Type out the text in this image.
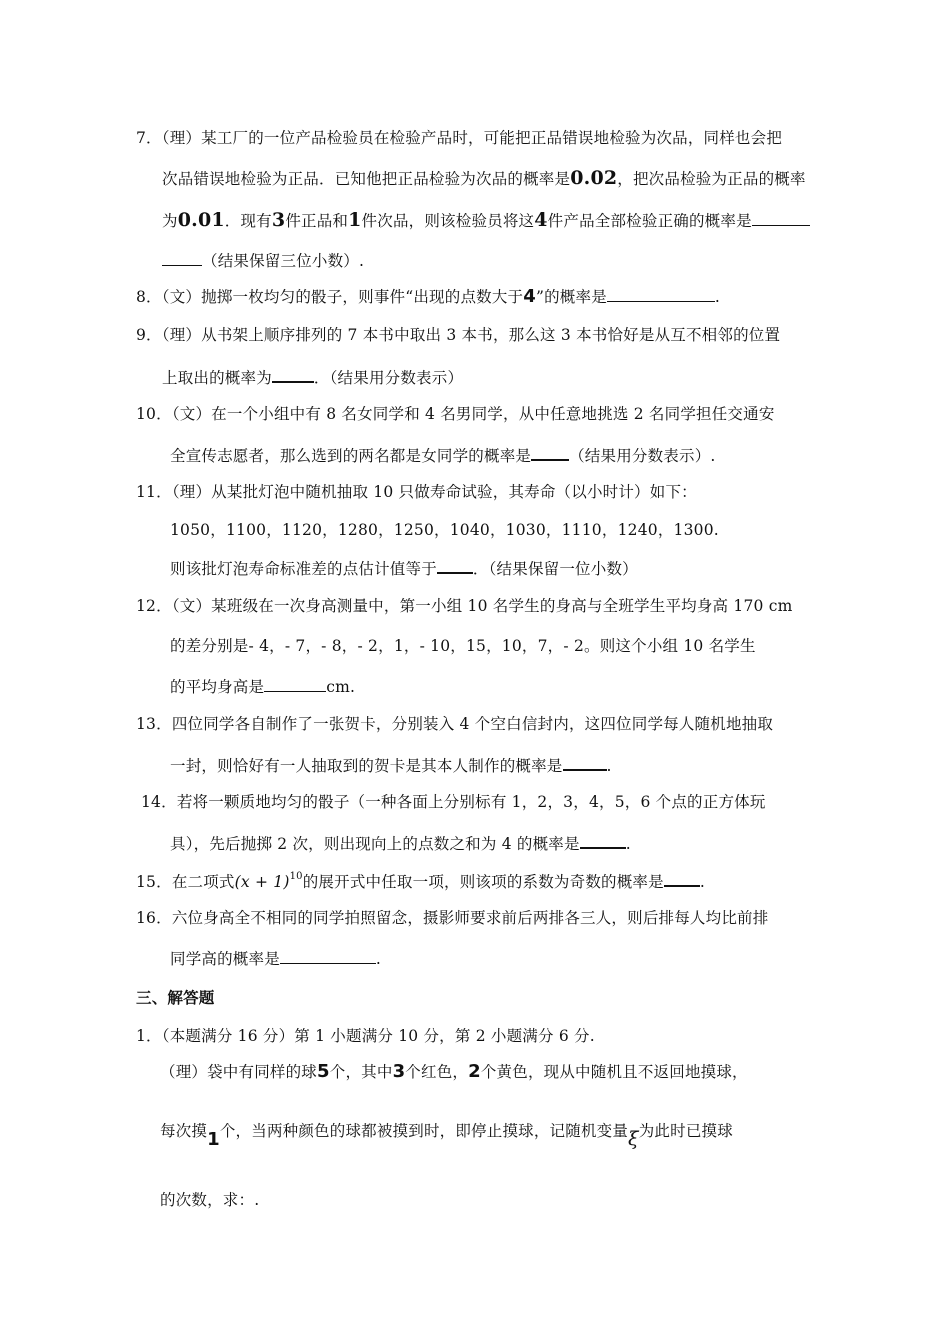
7．（理）某工厂的一位产品检验员在检验产品时，可能把正品错误地检验为次品，同样也会把
次品错误地检验为正品．已知他把正品检验为次品的概率是0.02，把次品检验为正品的概率
为0.01．现有3件正品和1件次品，则该检验员将这4件产品全部检验正确的概率是
（结果保留三位小数）.
8．（文）抛掷一枚均匀的骰子，则事件“出现的点数大于4”的概率是	.
9．（理）从书架上顺序排列的 7 本书中取出 3 本书，那么这 3 本书恰好是从互不相邻的位置
上取出的概率为	．（结果用分数表示）
10．（文）在一个小组中有 8 名女同学和 4 名男同学，从中任意地挑选 2 名同学担任交通安
全宣传志愿者，那么选到的两名都是女同学的概率是 （结果用分数表示）.
11．（理）从某批灯泡中随机抽取 10 只做寿命试验，其寿命（以小时计）如下：
1050，1100，1120，1280，1250，1040，1030，1110，1240，1300.
则该批灯泡寿命标准差的点估计值等于 ．（结果保留一位小数）
12．（文）某班级在一次身高测量中，第一小组 10 名学生的身高与全班学生平均身高 170 cm
的差分别是- 4，- 7，- 8，- 2，1，- 10，15，10，7，- 2。则这个小组 10 名学生
的平均身高是	cm.
13．四位同学各自制作了一张贺卡，分别装入 4 个空白信封内，这四位同学每人随机地抽取
一封，则恰好有一人抽取到的贺卡是其本人制作的概率是	.
14．若将一颗质地均匀的骰子（一种各面上分别标有 1，2，3，4，5，6 个点的正方体玩
具），先后抛掷 2 次，则出现向上的点数之和为 4 的概率是	.
15．在二项式$(x + 1)^{10}$的展开式中任取一项，则该项的系数为奇数的概率是 .
16．六位身高全不相同的同学拍照留念，摄影师要求前后两排各三人，则后排每人均比前排
同学高的概率是	.
三、解答题
1．（本题满分 16 分）第 1 小题满分 10 分，第 2 小题满分 6 分.
（理）袋中有同样的球5个，其中3个红色，2个黄色，现从中随机且不返回地摸球，
每次摸1个，当两种颜色的球都被摸到时，即停止摸球，记随机变量ξ为此时已摸球
的次数，求：.
